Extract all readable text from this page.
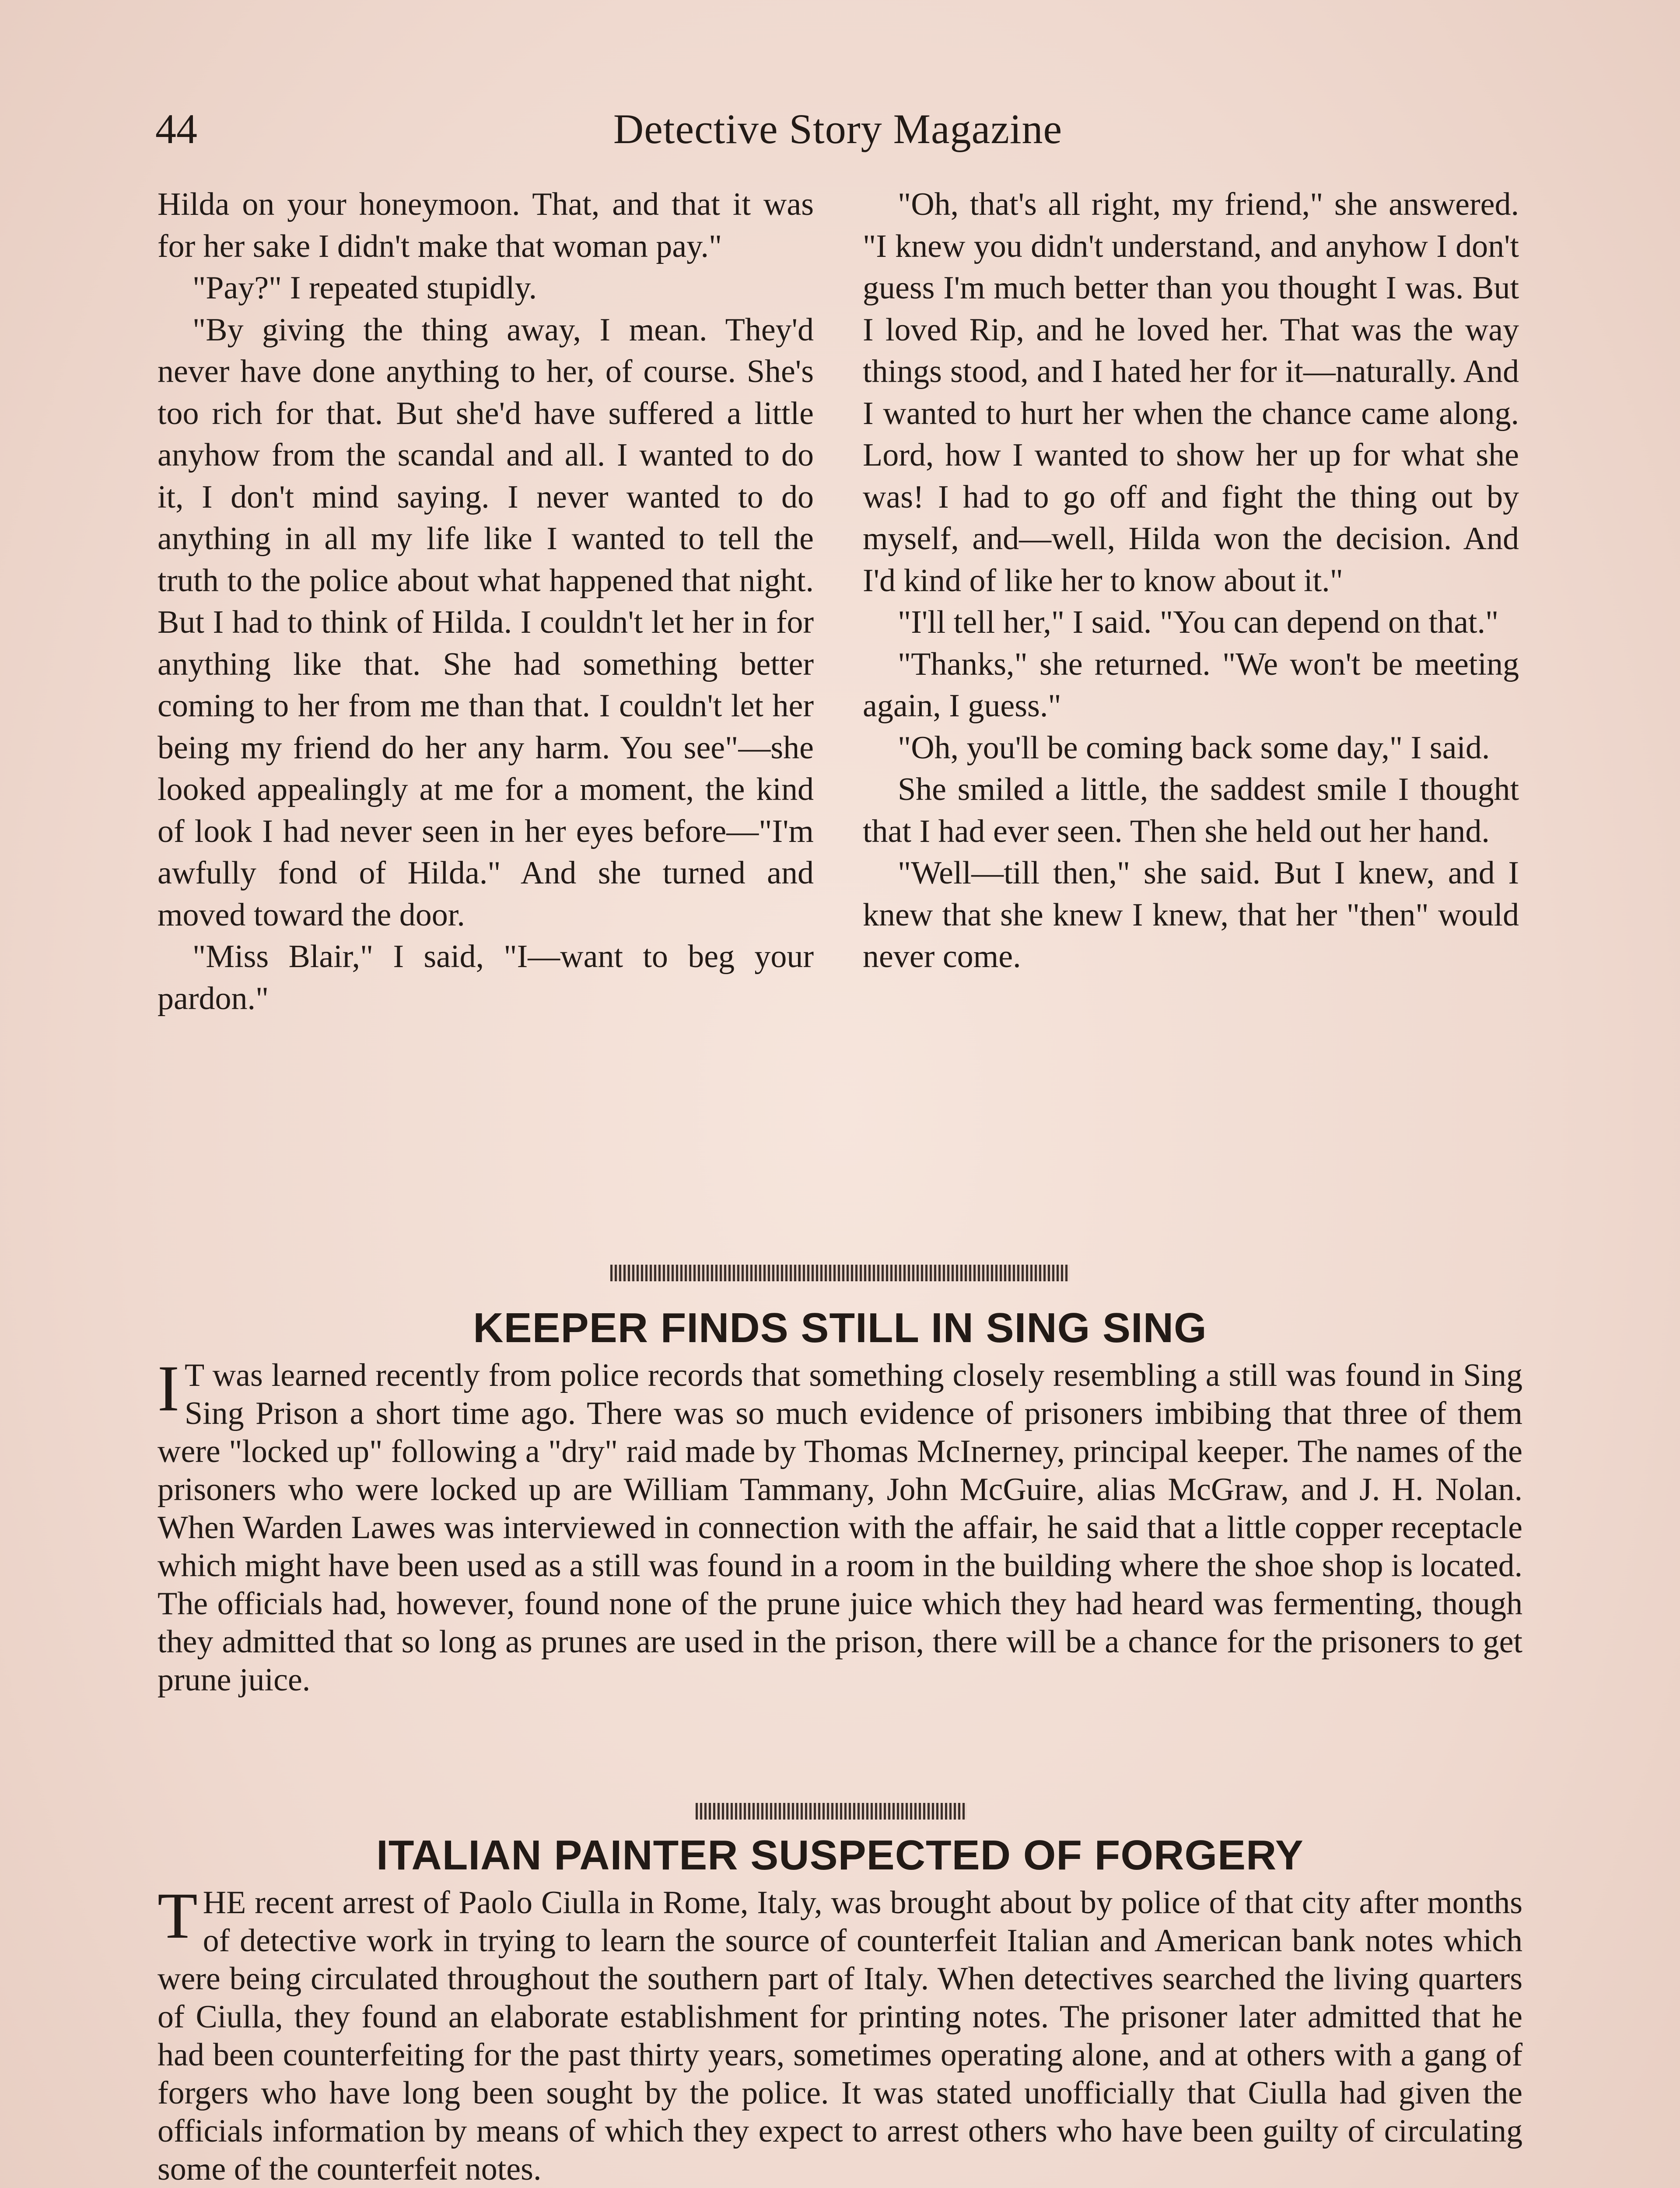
44	Detective Story Magazine

Hilda on your honeymoon. That, and that it was for her sake I didn't make that woman pay."

"Pay?" I repeated stupidly.

"By giving the thing away, I mean. They'd never have done anything to her, of course. She's too rich for that. But she'd have suffered a little anyhow from the scandal and all. I wanted to do it, I don't mind saying. I never wanted to do anything in all my life like I wanted to tell the truth to the police about what happened that night. But I had to think of Hilda. I couldn't let her in for anything like that. She had something better coming to her from me than that. I couldn't let her being my friend do her any harm. You see"—she looked appealingly at me for a moment, the kind of look I had never seen in her eyes before—"I'm awfully fond of Hilda." And she turned and moved toward the door.

"Miss Blair," I said, "I—want to beg your pardon."

"Oh, that's all right, my friend," she answered. "I knew you didn't understand, and anyhow I don't guess I'm much better than you thought I was. But I loved Rip, and he loved her. That was the way things stood, and I hated her for it—naturally. And I wanted to hurt her when the chance came along. Lord, how I wanted to show her up for what she was! I had to go off and fight the thing out by myself, and—well, Hilda won the decision. And I'd kind of like her to know about it."

"I'll tell her," I said. "You can depend on that."

"Thanks," she returned. "We won't be meeting again, I guess."

"Oh, you'll be coming back some day," I said.

She smiled a little, the saddest smile I thought that I had ever seen. Then she held out her hand.

"Well—till then," she said. But I knew, and I knew that she knew I knew, that her "then" would never come.

KEEPER FINDS STILL IN SING SING

I T was learned recently from police records that something closely resembling a still was found in Sing Sing Prison a short time ago. There was so much evidence of prisoners imbibing that three of them were "locked up" following a "dry" raid made by Thomas McInerney, principal keeper. The names of the prisoners who were locked up are William Tammany, John McGuire, alias McGraw, and J. H. Nolan. When Warden Lawes was interviewed in connection with the affair, he said that a little copper receptacle which might have been used as a still was found in a room in the building where the shoe shop is located. The officials had, however, found none of the prune juice which they had heard was fermenting, though they admitted that so long as prunes are used in the prison, there will be a chance for the prisoners to get prune juice.

ITALIAN PAINTER SUSPECTED OF FORGERY

THE recent arrest of Paolo Ciulla in Rome, Italy, was brought about by police of that city after months of detective work in trying to learn the source of counterfeit Italian and American bank notes which were being circulated throughout the southern part of Italy. When detectives searched the living quarters of Ciulla, they found an elaborate establishment for printing notes. The prisoner later admitted that he had been counterfeiting for the past thirty years, sometimes operating alone, and at others with a gang of forgers who have long been sought by the police. It was stated unofficially that Ciulla had given the officials information by means of which they expect to arrest others who have been guilty of circulating some of the counterfeit notes.
